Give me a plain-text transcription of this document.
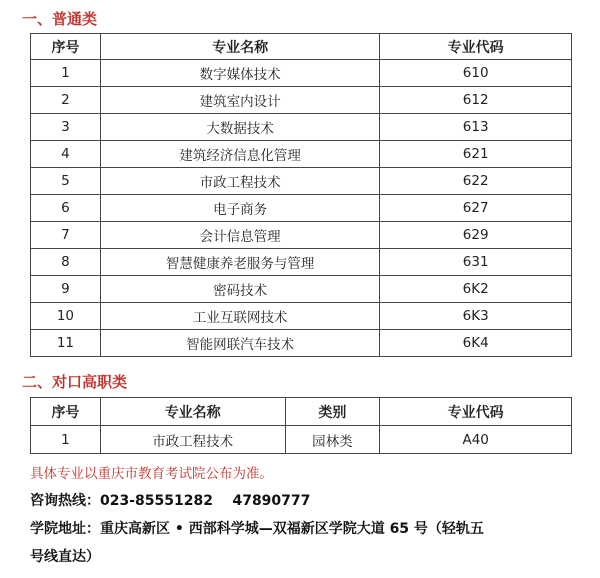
一、普通类
序号	专业名称	专业代码
1	数字媒体技术	610
2	建筑室内设计	612
3	大数据技术	613
4	建筑经济信息化管理	621
5	市政工程技术	622
6	电子商务	627
7	会计信息管理	629
8	智慧健康养老服务与管理	631
9	密码技术	6K2
10	工业互联网技术	6K3
11	智能网联汽车技术	6K4
二、对口高职类
序号	专业名称	类别	专业代码
1	市政工程技术	园林类	A40
具体专业以重庆市教育考试院公布为准。
咨询热线：023-85551282    47890777
学院地址：重庆高新区 • 西部科学城—双福新区学院大道 65 号（轻轨五
号线直达）
